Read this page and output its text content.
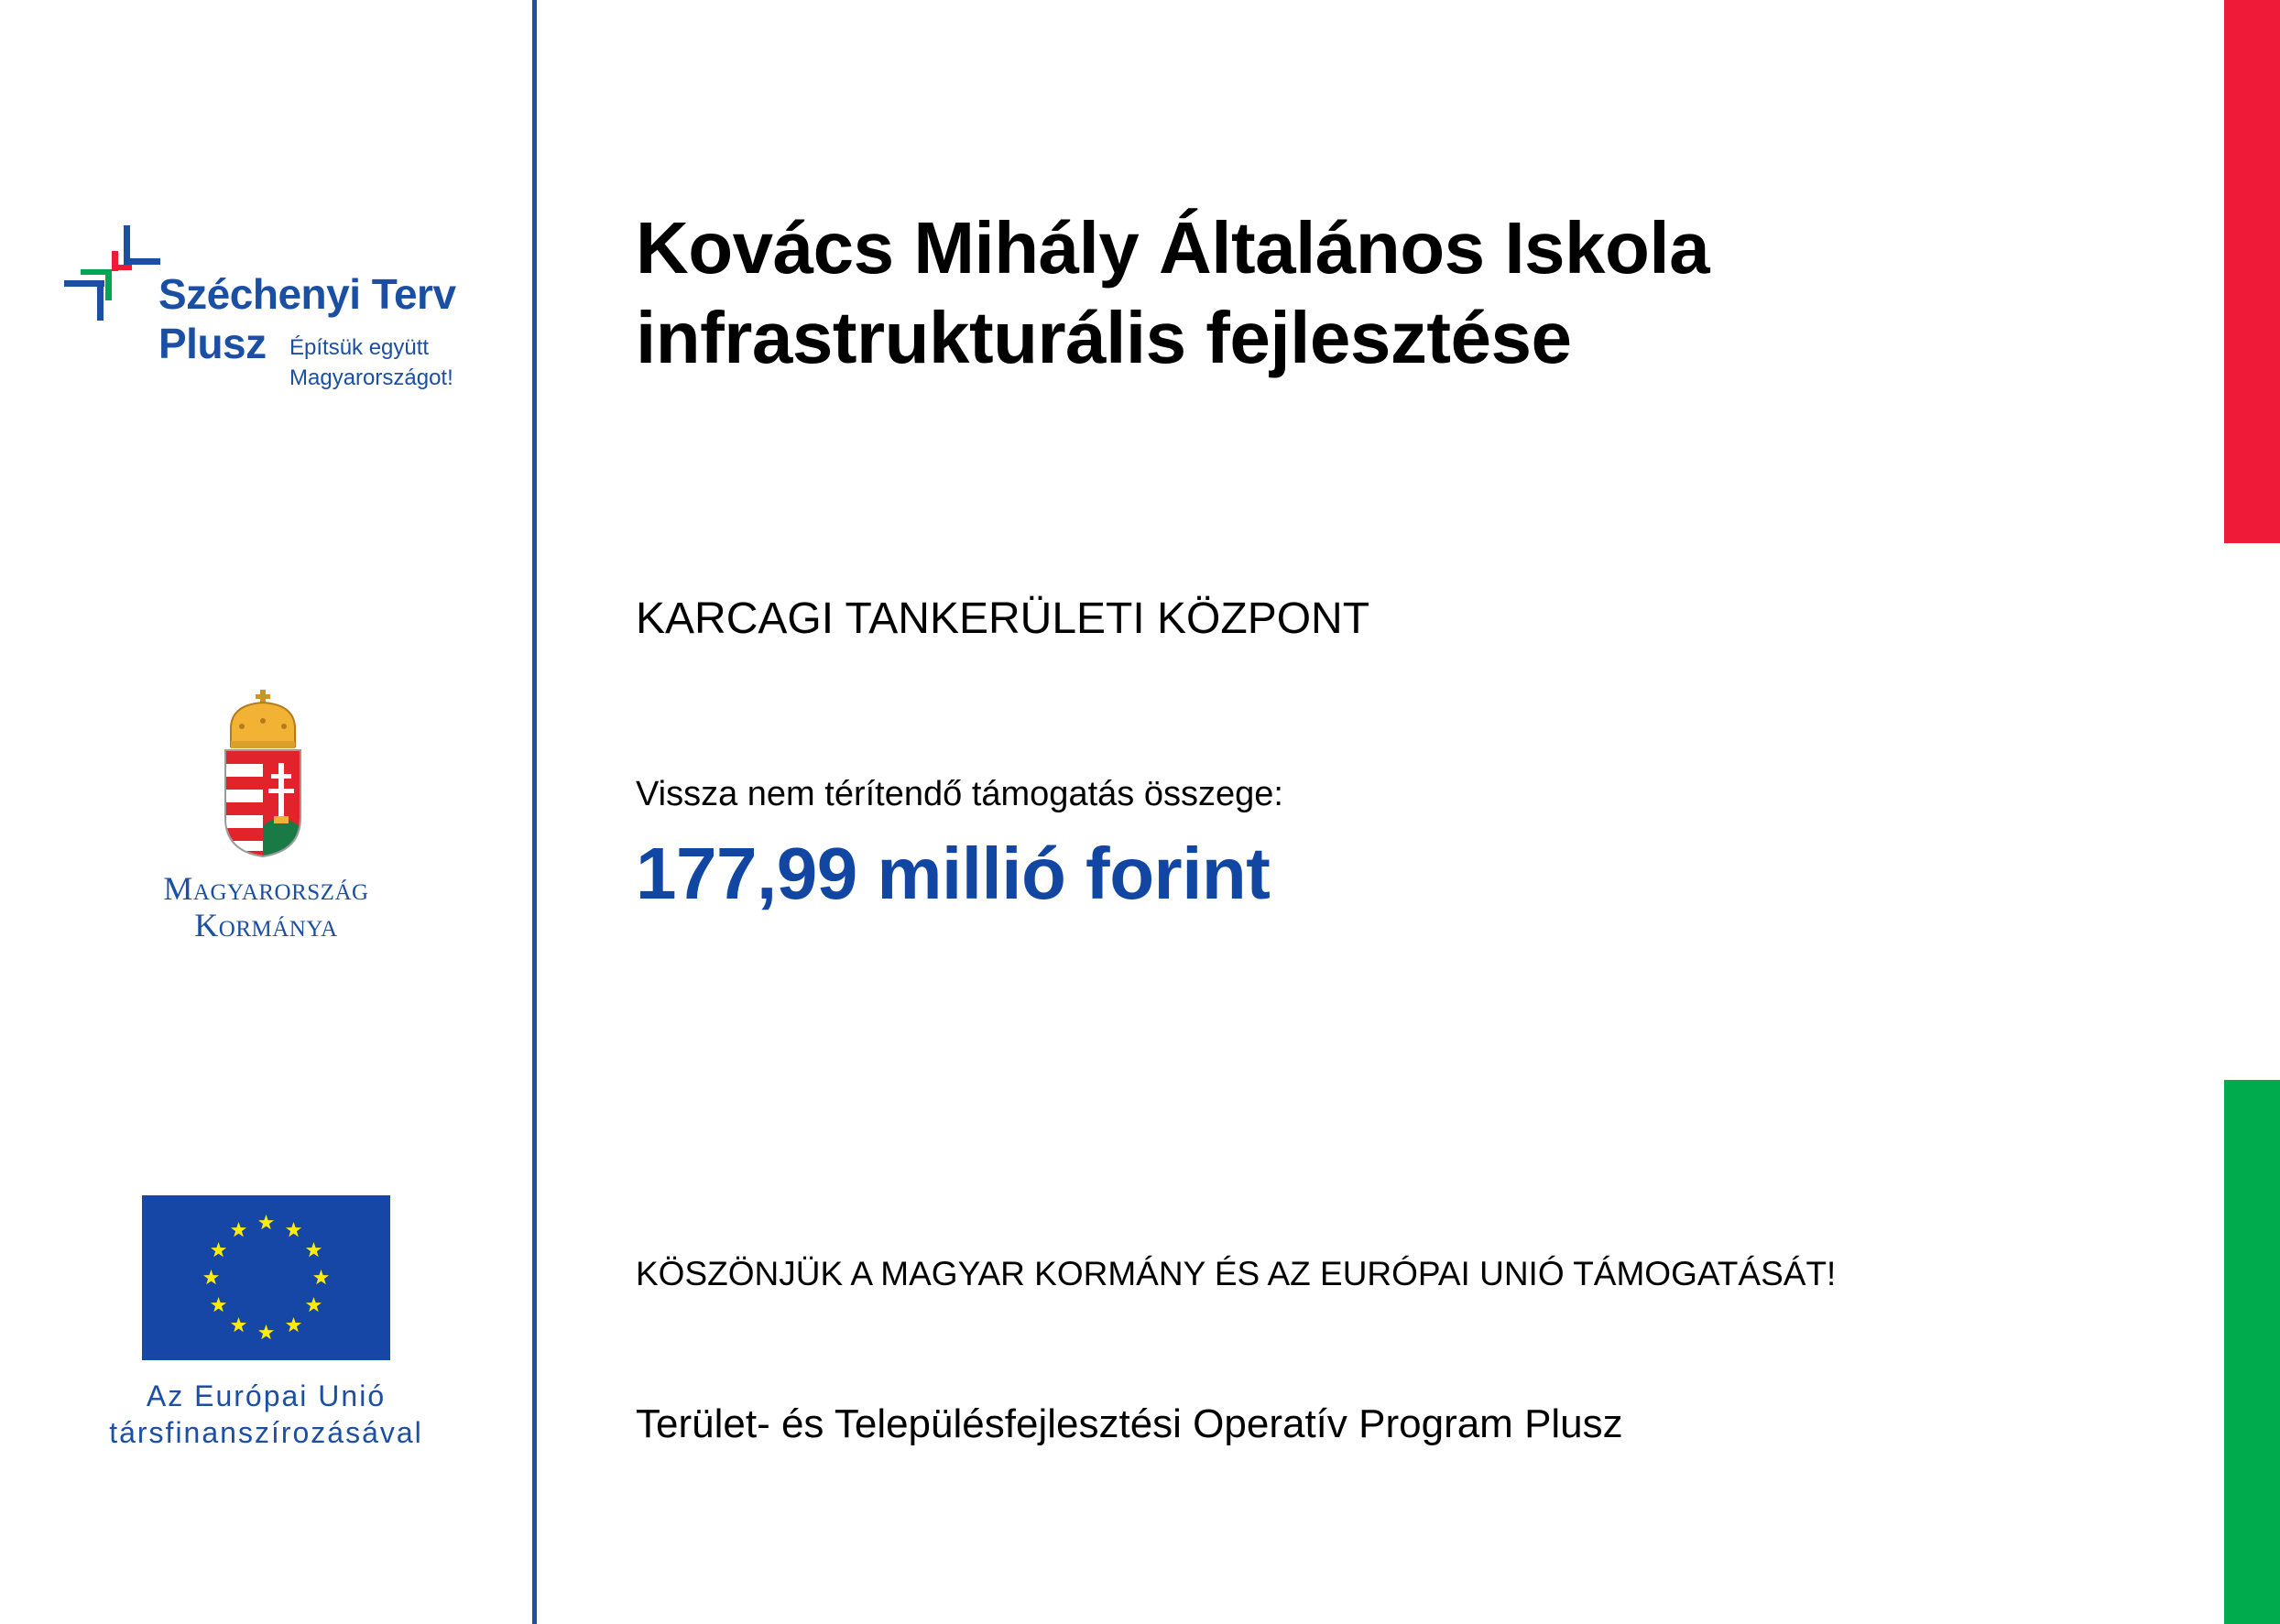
Széchenyi Terv
Plusz Építsük együtt
Magyarországot!
Magyarország
Kormánya
Az Európai Unió
társfinanszírozásával
Kovács Mihály Általános Iskola
infrastrukturális fejlesztése
KARCAGI TANKERÜLETI KÖZPONT
Vissza nem térítendő támogatás összege:
177,99 millió forint
KÖSZÖNJÜK A MAGYAR KORMÁNY ÉS AZ EURÓPAI UNIÓ TÁMOGATÁSÁT!
Terület- és Településfejlesztési Operatív Program Plusz
